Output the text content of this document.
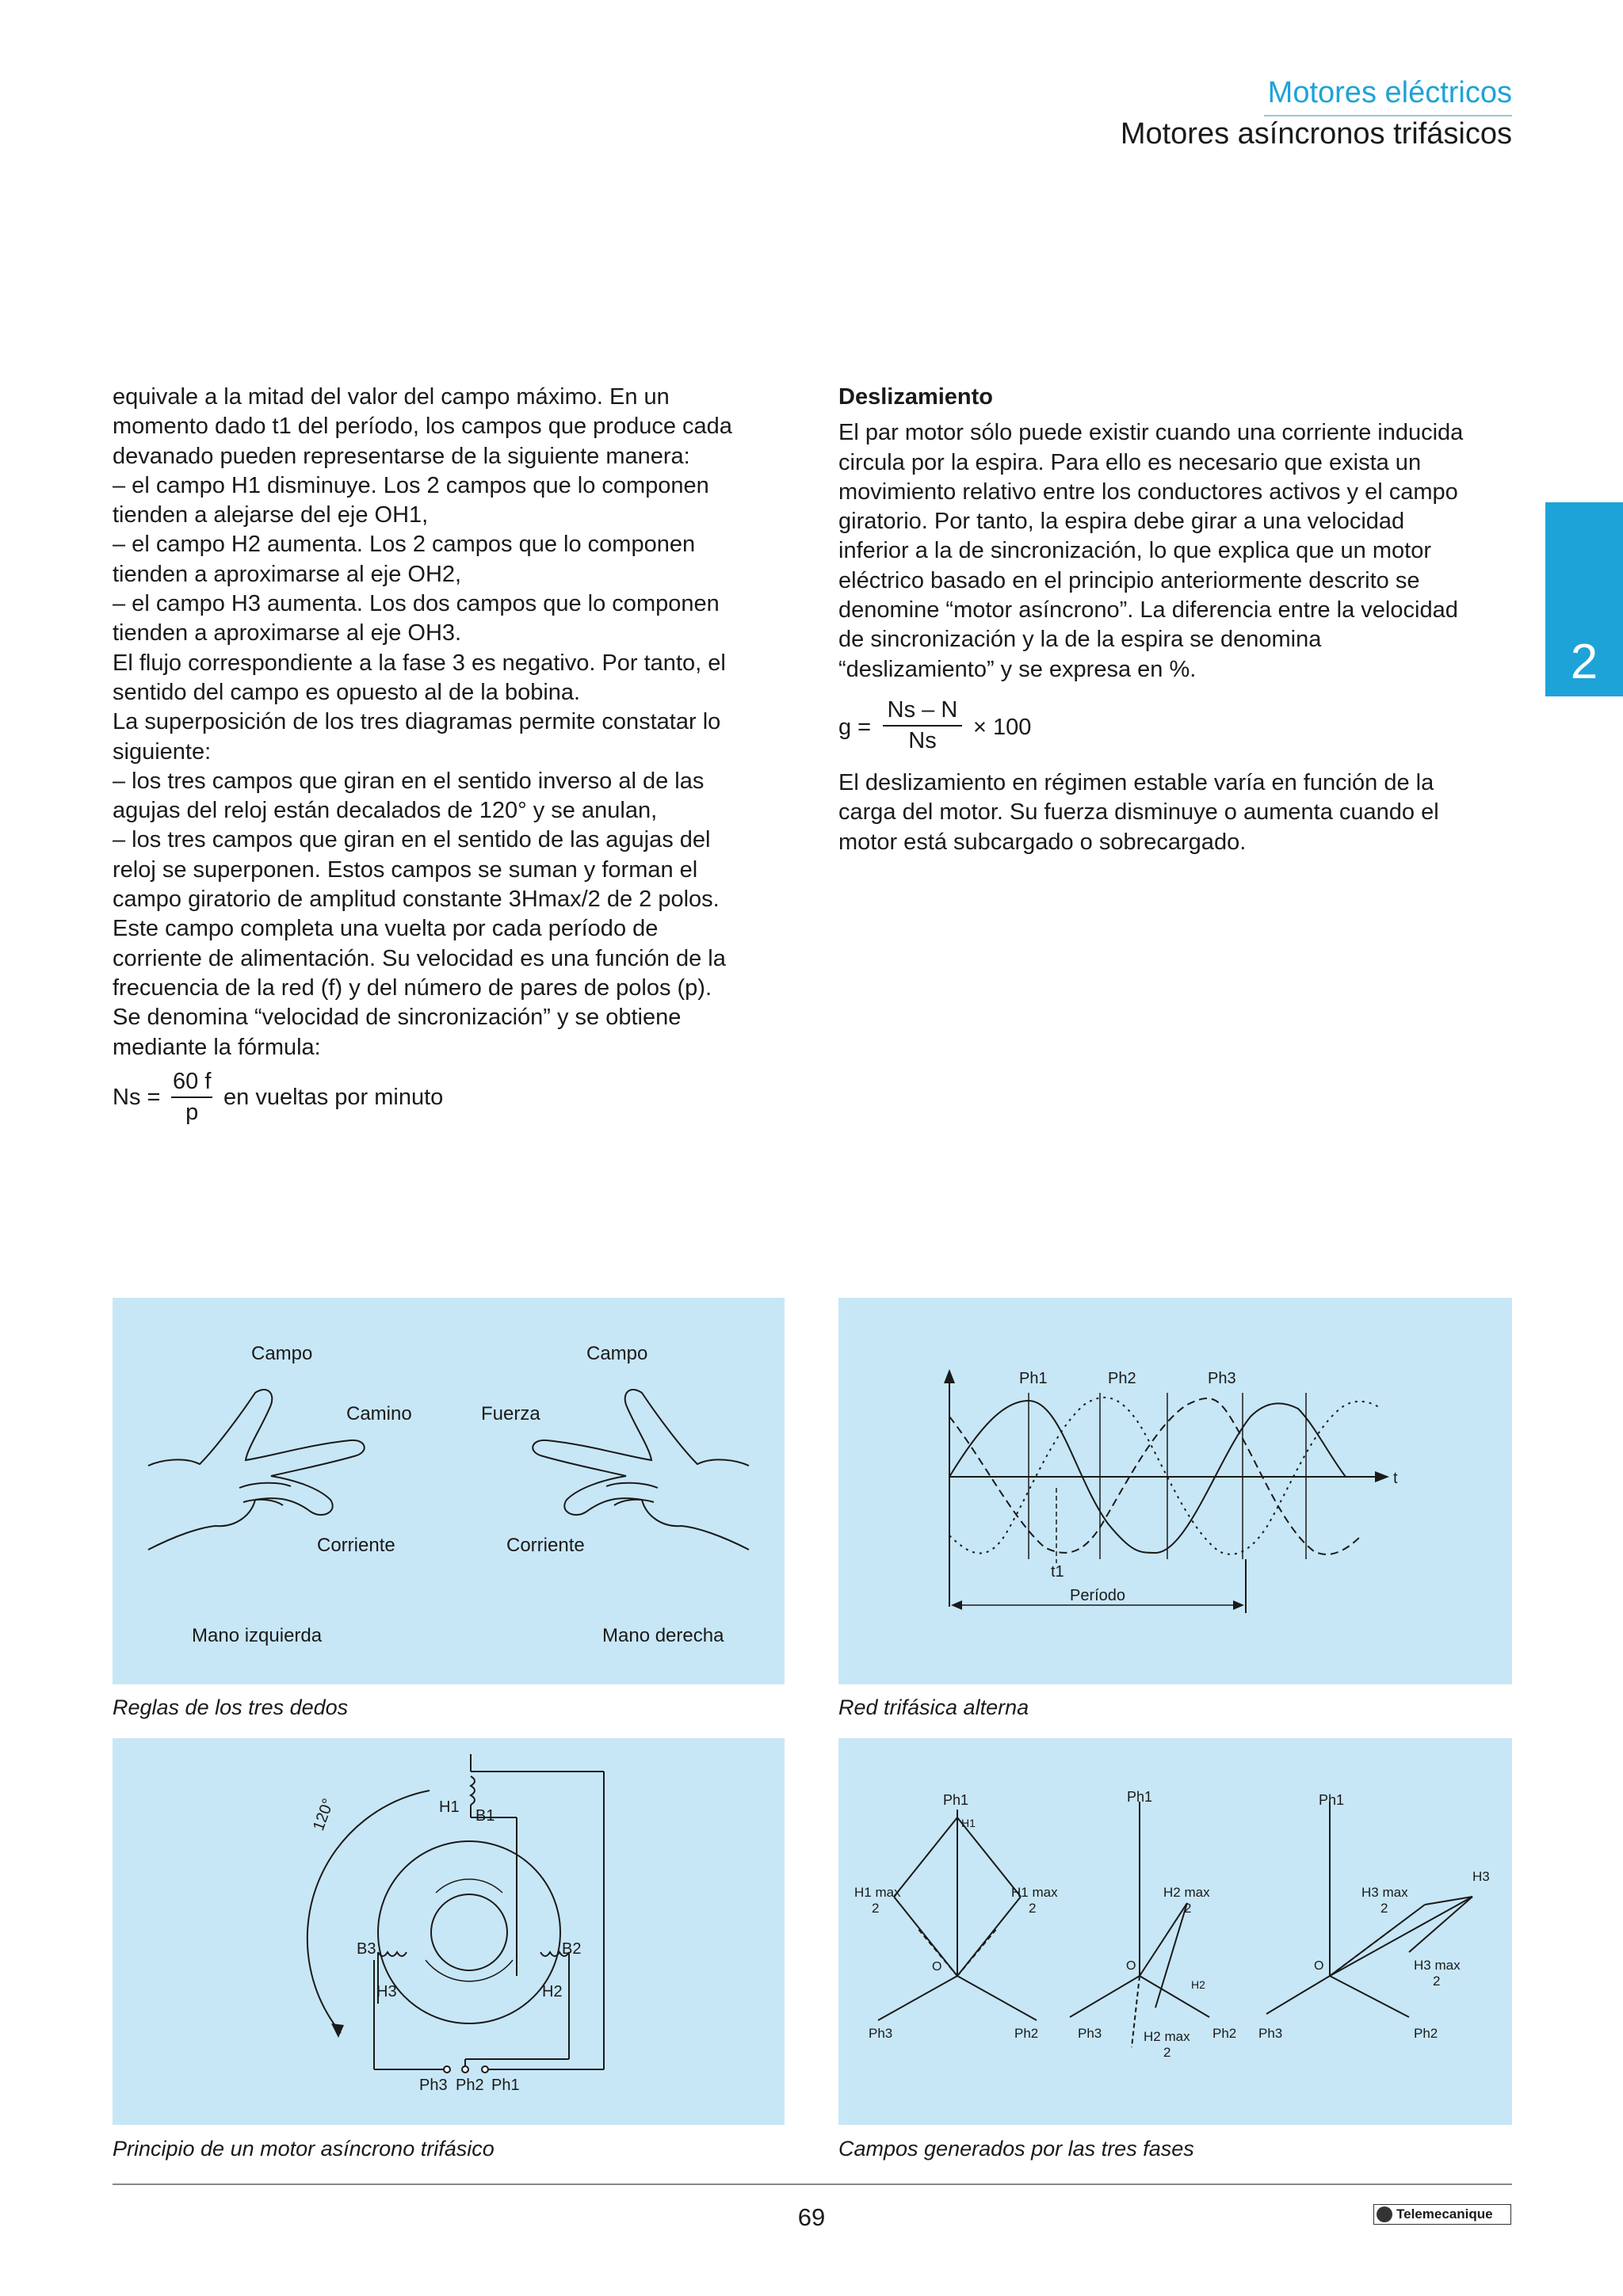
Motores eléctricos
Motores asíncronos trifásicos
2
equivale a la mitad del valor del campo máximo. En un
momento dado t1 del período, los campos que produce cada
devanado pueden representarse de la siguiente manera:
– el campo H1 disminuye. Los 2 campos que lo componen
tienden a alejarse del eje OH1,
– el campo H2 aumenta. Los 2 campos que lo componen
tienden a aproximarse al eje OH2,
– el campo H3 aumenta. Los dos campos que lo componen
tienden a aproximarse al eje OH3.
El flujo correspondiente a la fase 3 es negativo. Por tanto, el
sentido del campo es opuesto al de la bobina.
La superposición de los tres diagramas permite constatar lo
siguiente:
– los tres campos que giran en el sentido inverso al de las
agujas del reloj están decalados de 120° y se anulan,
– los tres campos que giran en el sentido de las agujas del
reloj se superponen. Estos campos se suman y forman el
campo giratorio de amplitud constante 3Hmax/2 de 2 polos.
Este campo completa una vuelta por cada período de
corriente de alimentación. Su velocidad es una función de la
frecuencia de la red (f) y del número de pares de polos (p).
Se denomina “velocidad de sincronización” y se obtiene
mediante la fórmula:
$Ns = \frac{60 f}{p}$ en vueltas por minuto
Deslizamiento
El par motor sólo puede existir cuando una corriente inducida
circula por la espira. Para ello es necesario que exista un
movimiento relativo entre los conductores activos y el campo
giratorio. Por tanto, la espira debe girar a una velocidad
inferior a la de sincronización, lo que explica que un motor
eléctrico basado en el principio anteriormente descrito se
denomine “motor asíncrono”. La diferencia entre la velocidad
de sincronización y la de la espira se denomina
“deslizamiento” y se expresa en %.
$g = \frac{Ns - N}{Ns} \times 100$
El deslizamiento en régimen estable varía en función de la
carga del motor. Su fuerza disminuye o aumenta cuando el
motor está subcargado o sobrecargado.
Campo
Camino
Corriente
Mano izquierda
Campo
Fuerza
Corriente
Mano derecha
Reglas de los tres dedos
Ph1	Ph2	Ph3
t
t1
Período
Red trifásica alterna
120°	H1 B1
B3	B2
H3	H2
Ph3 Ph2 Ph1
Principio de un motor asíncrono trifásico
Ph1
H1
H1 max
2
H1 max
2
O
Ph3	Ph2
Ph1
H2 max
2
O
H2
Ph3	H2 max
2
Ph2
Ph1
H3
H3 max
2
O	H3 max
2
Ph3	Ph2
Campos generados por las tres fases
69	Telemecanique
